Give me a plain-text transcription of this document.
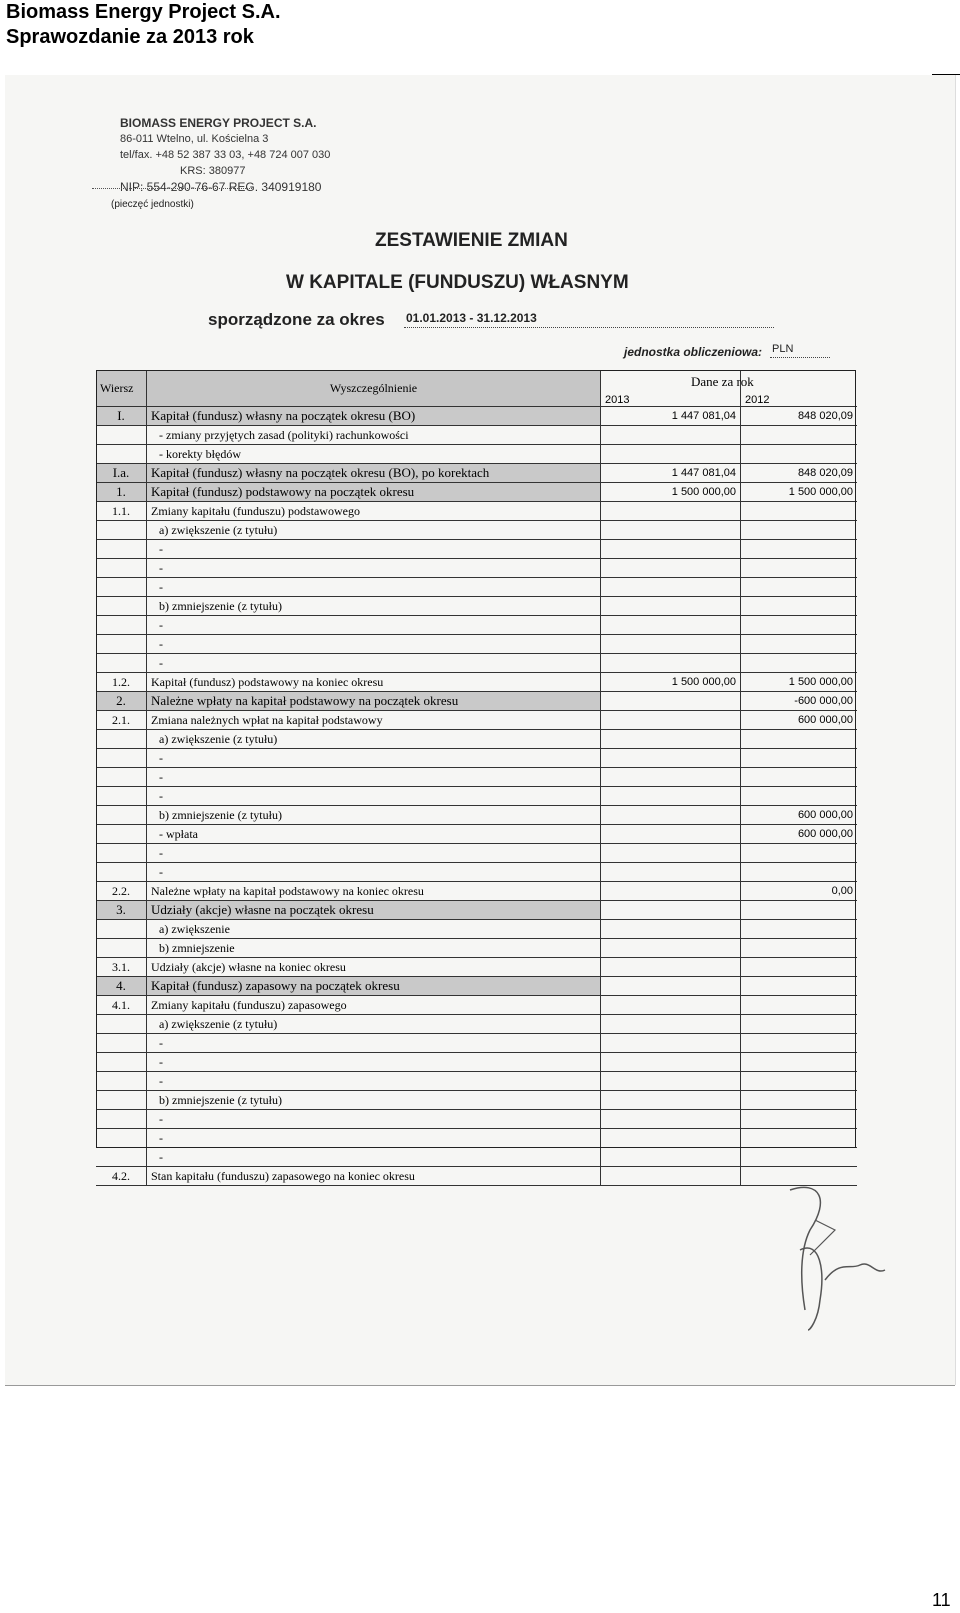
Biomass Energy Project S.A.
Sprawozdanie za 2013 rok
BIOMASS ENERGY PROJECT S.A.
86-011 Wtelno, ul. Kościelna 3
tel/fax. +48 52 387 33 03, +48 724 007 030
KRS: 380977
NIP: 554-290-76-67 REG. 340919180
(pieczęć jednostki)
ZESTAWIENIE ZMIAN
W KAPITALE (FUNDUSZU) WŁASNYM
sporządzone za okres 01.01.2013 - 31.12.2013
jednostka obliczeniowa: PLN
Wiersz	Wyszczególnienie	2013	2012
I.	Kapitał (fundusz) własny na początek okresu (BO)	1 447 081,04	848 020,09
	- zmiany przyjętych zasad (polityki) rachunkowości		
	- korekty błędów		
I.a.	Kapitał (fundusz) własny na początek okresu (BO), po korektach	1 447 081,04	848 020,09
1.	Kapitał (fundusz) podstawowy na początek okresu	1 500 000,00	1 500 000,00
1.1.	Zmiany kapitału (funduszu) podstawowego		
	a) zwiększenie (z tytułu)		
	-		
	-		
	-		
	b) zmniejszenie (z tytułu)		
	-		
	-		
	-		
1.2.	Kapitał (fundusz) podstawowy na koniec okresu	1 500 000,00	1 500 000,00
2.	Należne wpłaty na kapitał podstawowy na początek okresu		-600 000,00
2.1.	Zmiana należnych wpłat na kapitał podstawowy		600 000,00
	a) zwiększenie (z tytułu)		
	-		
	-		
	-		
	b) zmniejszenie (z tytułu)		600 000,00
	- wpłata		600 000,00
	-		
	-		
2.2.	Należne wpłaty na kapitał podstawowy na koniec okresu		0,00
3.	Udziały (akcje) własne na początek okresu		
	a) zwiększenie		
	b) zmniejszenie		
3.1.	Udziały (akcje) własne na koniec okresu		
4.	Kapitał (fundusz) zapasowy na początek okresu		
4.1.	Zmiany kapitału (funduszu) zapasowego		
	a) zwiększenie (z tytułu)		
	-		
	-		
	-		
	b) zmniejszenie (z tytułu)		
	-		
	-		
	-		
4.2.	Stan kapitału (funduszu) zapasowego na koniec okresu		
Dane za rok
11
